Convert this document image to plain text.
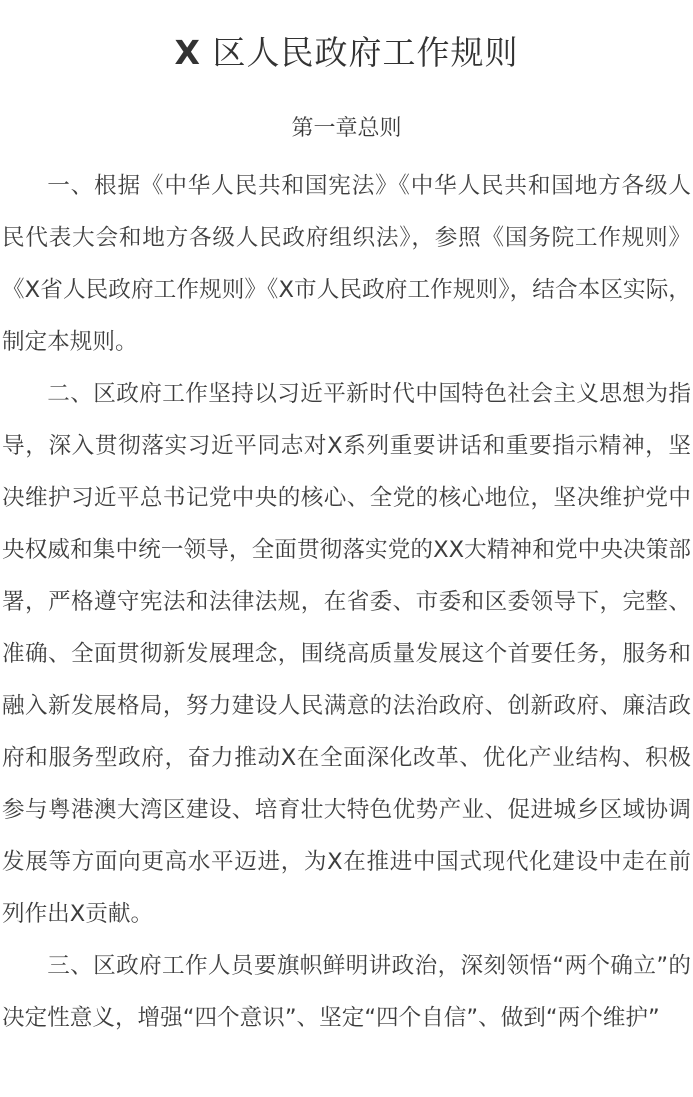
X 区人民政府工作规则
第一章总则

一、根据《中华人民共和国宪法》《中华人民共和国地方各级人民代表大会和地方各级人民政府组织法》，参照《国务院工作规则》《X省人民政府工作规则》《X市人民政府工作规则》，结合本区实际，制定本规则。

二、区政府工作坚持以习近平新时代中国特色社会主义思想为指导，深入贯彻落实习近平同志对X系列重要讲话和重要指示精神，坚决维护习近平总书记党中央的核心、全党的核心地位，坚决维护党中央权威和集中统一领导，全面贯彻落实党的XX大精神和党中央决策部署，严格遵守宪法和法律法规，在省委、市委和区委领导下，完整、准确、全面贯彻新发展理念，围绕高质量发展这个首要任务，服务和融入新发展格局，努力建设人民满意的法治政府、创新政府、廉洁政府和服务型政府，奋力推动X在全面深化改革、优化产业结构、积极参与粤港澳大湾区建设、培育壮大特色优势产业、促进城乡区域协调发展等方面向更高水平迈进，为X在推进中国式现代化建设中走在前列作出X贡献。

三、区政府工作人员要旗帜鲜明讲政治，深刻领悟“两个确立”的决定性意义，增强“四个意识”、坚定“四个自信”、做到“两个维护”
